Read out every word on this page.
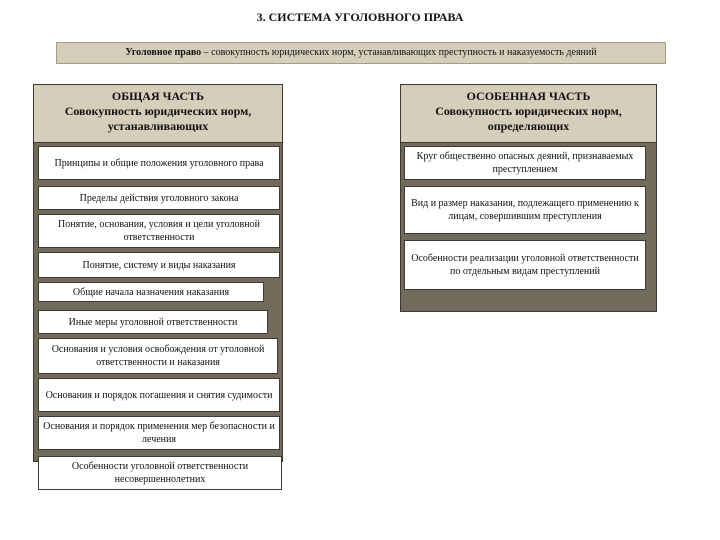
3. СИСТЕМА УГОЛОВНОГО ПРАВА
Уголовное право – совокупность юридических норм, устанавливающих преступность и наказуемость деяний
ОБЩАЯ ЧАСТЬ
Совокупность юридических норм,
устанавливающих
Принципы и общие положения уголовного права
Пределы действия уголовного закона
Понятие, основания, условия и цели уголовной ответственности
Понятие, систему и виды наказания
Общие начала назначения наказания
Иные меры уголовной ответственности
Основания и условия освобождения от уголовной ответственности и наказания
Основания и порядок погашения и снятия судимости
Основания и порядок применения мер безопасности и лечения
Особенности уголовной ответственности несовершеннолетних
ОСОБЕННАЯ ЧАСТЬ
Совокупность юридических норм,
определяющих
Круг общественно опасных деяний, признаваемых преступлением
Вид и размер наказания, подлежащего применению к лицам, совершившим преступления
Особенности реализации уголовной ответственности по отдельным видам преступлений
